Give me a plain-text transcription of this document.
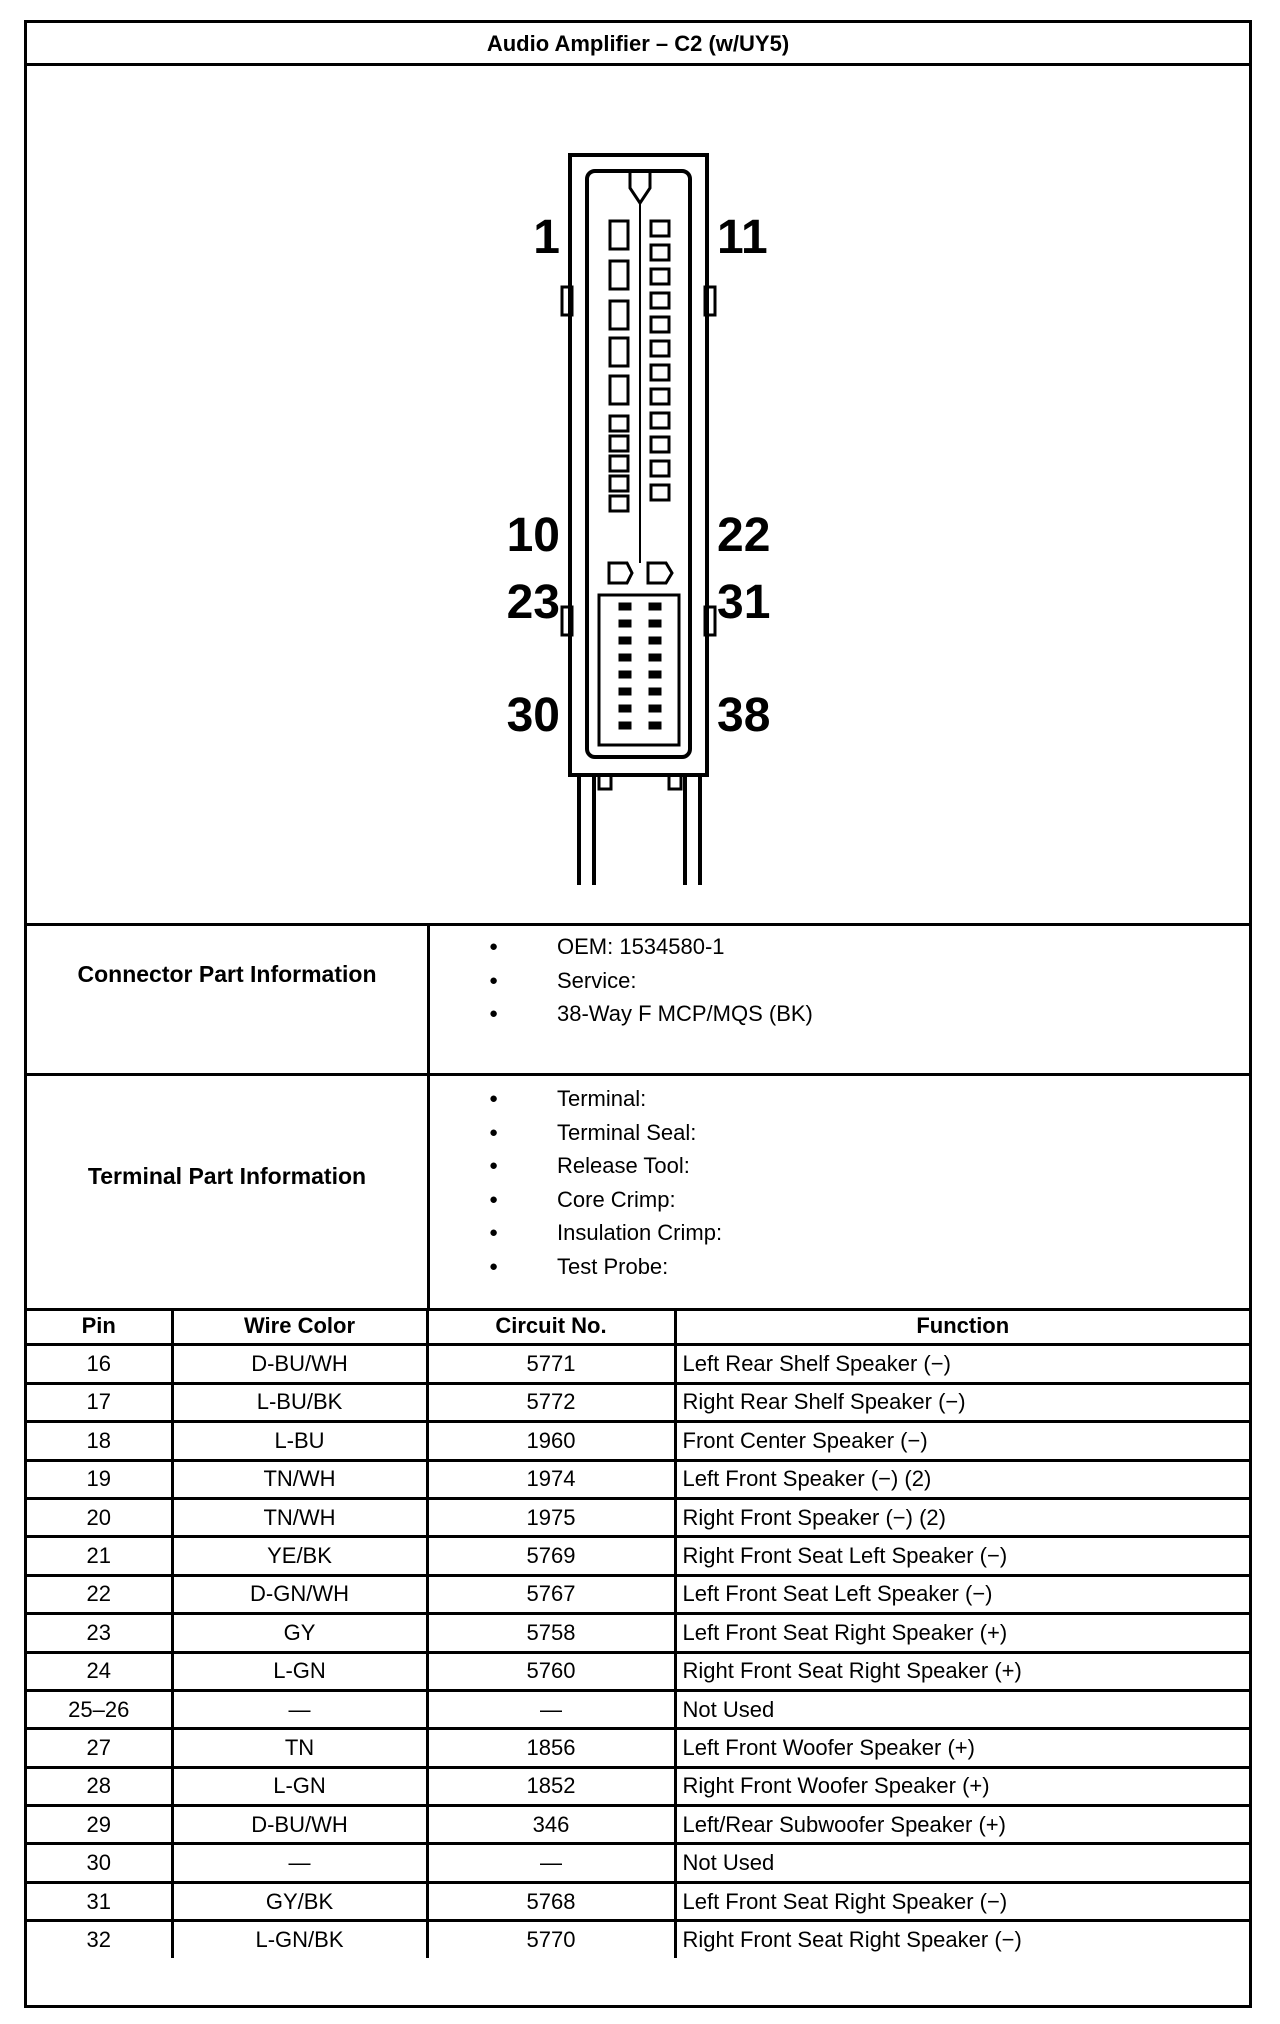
Audio Amplifier – C2 (w/UY5)
1	11
10	22
23	31
30	38
Connector Part Information
● OEM: 1534580-1
● Service:
● 38-Way F MCP/MQS (BK)
Terminal Part Information
● Terminal:
● Terminal Seal:
● Release Tool:
● Core Crimp:
● Insulation Crimp:
● Test Probe:
Pin	Wire Color	Circuit No.	Function
16	D-BU/WH	5771	Left Rear Shelf Speaker (−)
17	L-BU/BK	5772	Right Rear Shelf Speaker (−)
18	L-BU	1960	Front Center Speaker (−)
19	TN/WH	1974	Left Front Speaker (−) (2)
20	TN/WH	1975	Right Front Speaker (−) (2)
21	YE/BK	5769	Right Front Seat Left Speaker (−)
22	D-GN/WH	5767	Left Front Seat Left Speaker (−)
23	GY	5758	Left Front Seat Right Speaker (+)
24	L-GN	5760	Right Front Seat Right Speaker (+)
25–26	—	—	Not Used
27	TN	1856	Left Front Woofer Speaker (+)
28	L-GN	1852	Right Front Woofer Speaker (+)
29	D-BU/WH	346	Left/Rear Subwoofer Speaker (+)
30	—	—	Not Used
31	GY/BK	5768	Left Front Seat Right Speaker (−)
32	L-GN/BK	5770	Right Front Seat Right Speaker (−)
